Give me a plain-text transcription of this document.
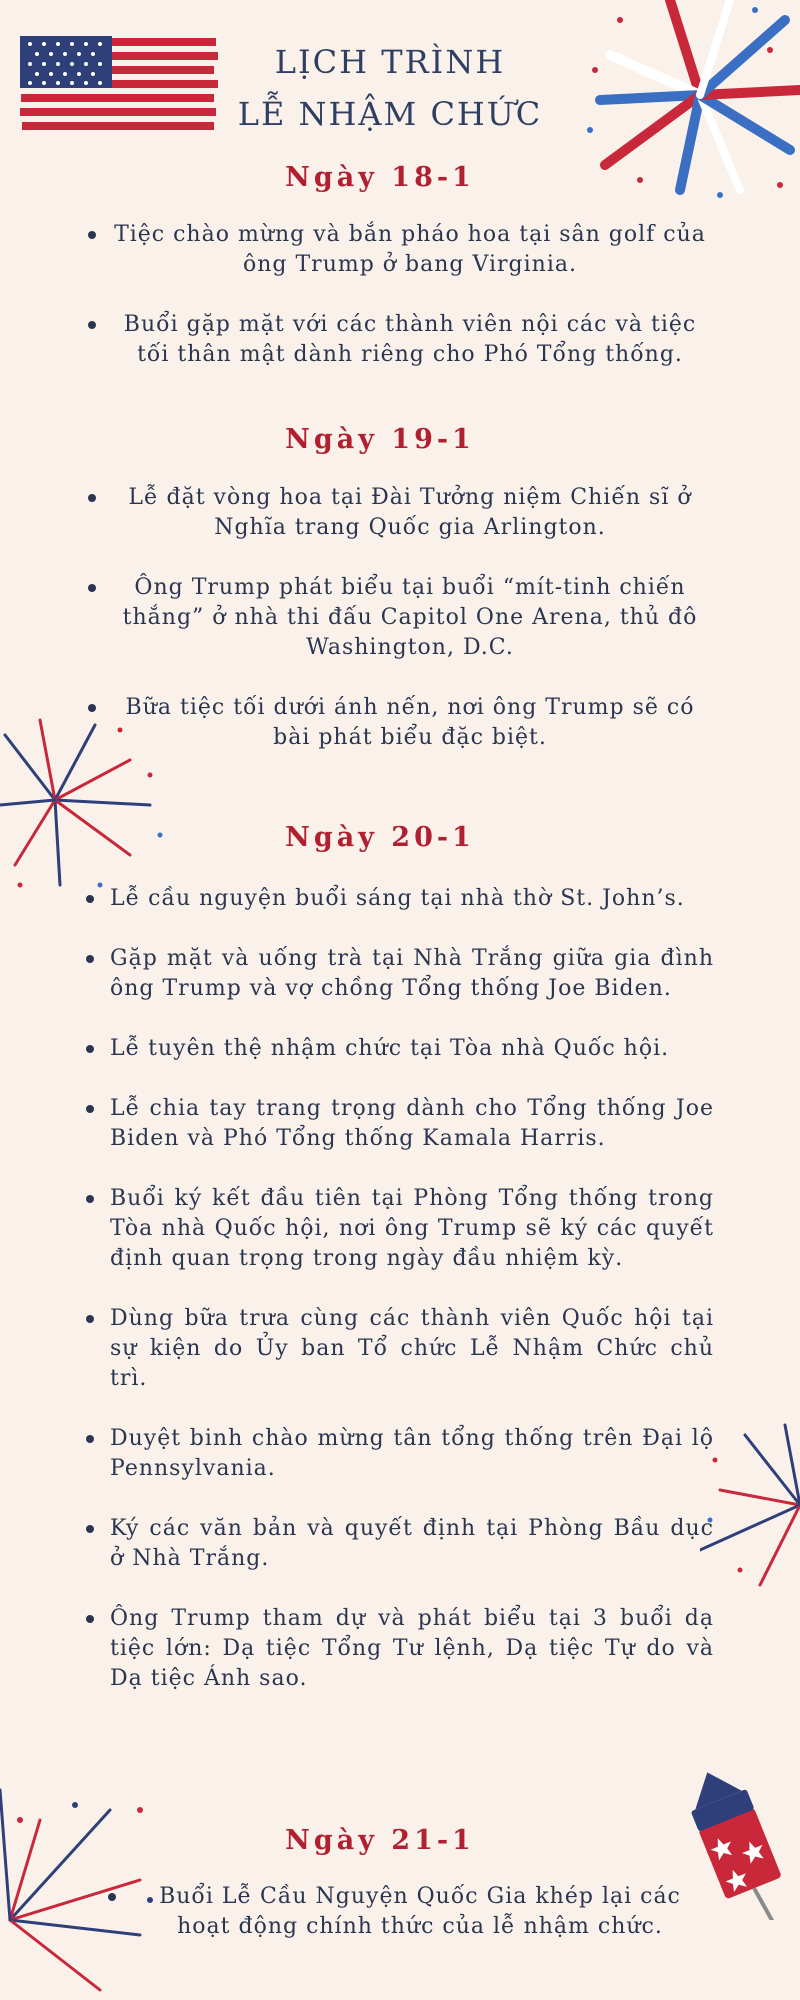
LỊCH TRÌNH
LỄ NHẬM CHỨC
Ngày 18-1
Tiệc chào mừng và bắn pháo hoa tại sân golf của ông Trump ở bang Virginia.
Buổi gặp mặt với các thành viên nội các và tiệc tối thân mật dành riêng cho Phó Tổng thống.
Ngày 19-1
Lễ đặt vòng hoa tại Đài Tưởng niệm Chiến sĩ ở Nghĩa trang Quốc gia Arlington.
Ông Trump phát biểu tại buổi “mít-tinh chiến thắng” ở nhà thi đấu Capitol One Arena, thủ đô Washington, D.C.
Bữa tiệc tối dưới ánh nến, nơi ông Trump sẽ có bài phát biểu đặc biệt.
Ngày 20-1
Lễ cầu nguyện buổi sáng tại nhà thờ St. John’s.
Gặp mặt và uống trà tại Nhà Trắng giữa gia đình ông Trump và vợ chồng Tổng thống Joe Biden.
Lễ tuyên thệ nhậm chức tại Tòa nhà Quốc hội.
Lễ chia tay trang trọng dành cho Tổng thống Joe Biden và Phó Tổng thống Kamala Harris.
Buổi ký kết đầu tiên tại Phòng Tổng thống trong Tòa nhà Quốc hội, nơi ông Trump sẽ ký các quyết định quan trọng trong ngày đầu nhiệm kỳ.
Dùng bữa trưa cùng các thành viên Quốc hội tại sự kiện do Ủy ban Tổ chức Lễ Nhậm Chức chủ trì.
Duyệt binh chào mừng tân tổng thống trên Đại lộ Pennsylvania.
Ký các văn bản và quyết định tại Phòng Bầu dục ở Nhà Trắng.
Ông Trump tham dự và phát biểu tại 3 buổi dạ tiệc lớn: Dạ tiệc Tổng Tư lệnh, Dạ tiệc Tự do và Dạ tiệc Ánh sao.
Ngày 21-1
Buổi Lễ Cầu Nguyện Quốc Gia khép lại các hoạt động chính thức của lễ nhậm chức.
